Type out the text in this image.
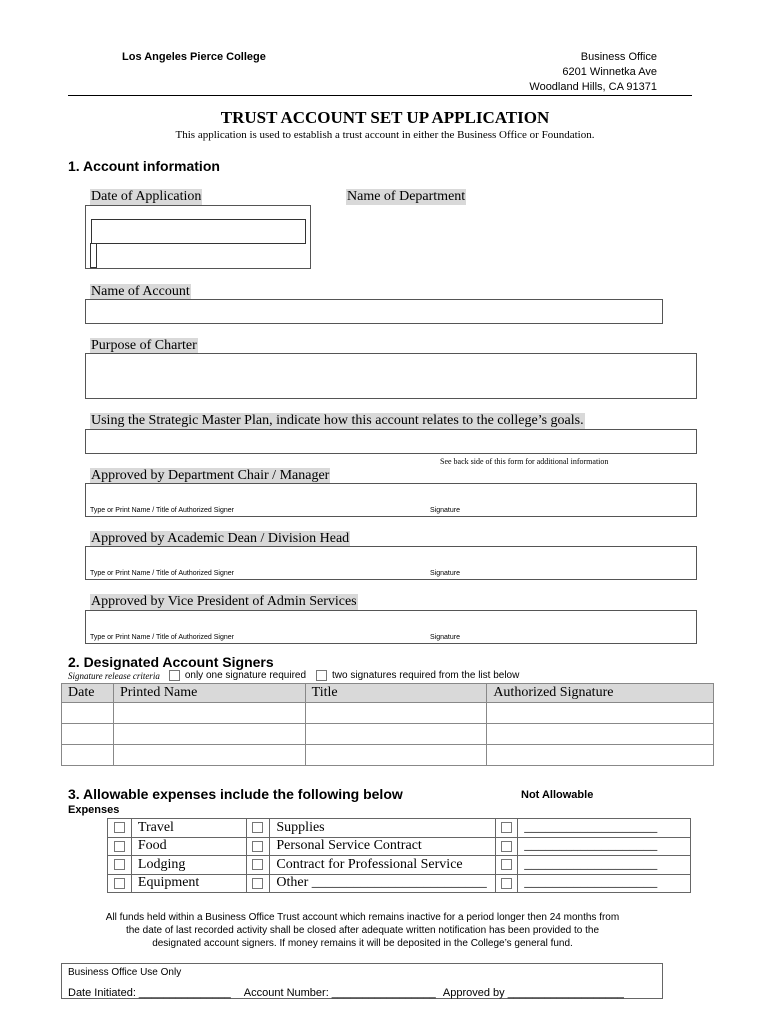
Los Angeles Pierce College	Business Office
6201 Winnetka Ave
Woodland Hills, CA 91371
TRUST ACCOUNT SET UP APPLICATION
This application is used to establish a trust account in either the Business Office or Foundation.
1. Account information
Date of Application	Name of Department
Name of Account
Purpose of Charter
Using the Strategic Master Plan, indicate how this account relates to the college’s goals.
See back side of this form for additional information
Approved by Department Chair / Manager
Type or Print Name / Title of Authorized Signer	Signature
Approved by Academic Dean / Division Head
Type or Print Name / Title of Authorized Signer	Signature
Approved by Vice President of Admin Services
Type or Print Name / Title of Authorized Signer	Signature
2. Designated Account Signers
Signature release criteria	only one signature required	two signatures required from the list below
Date	Printed Name	Title	Authorized Signature

3. Allowable expenses include the following below	Not Allowable
Expenses
	Travel		Supplies		___________________
	Food		Personal Service Contract		___________________
	Lodging		Contract for Professional Service		___________________
	Equipment		Other _________________________		___________________
All funds held within a Business Office Trust account which remains inactive for a period longer then 24 months from
the date of last recorded activity shall be closed after adequate written notification has been provided to the
designated account signers. If money remains it will be deposited in the College’s general fund.
Business Office Use Only
Date Initiated: _______________ Account Number: _________________ Approved by ___________________
